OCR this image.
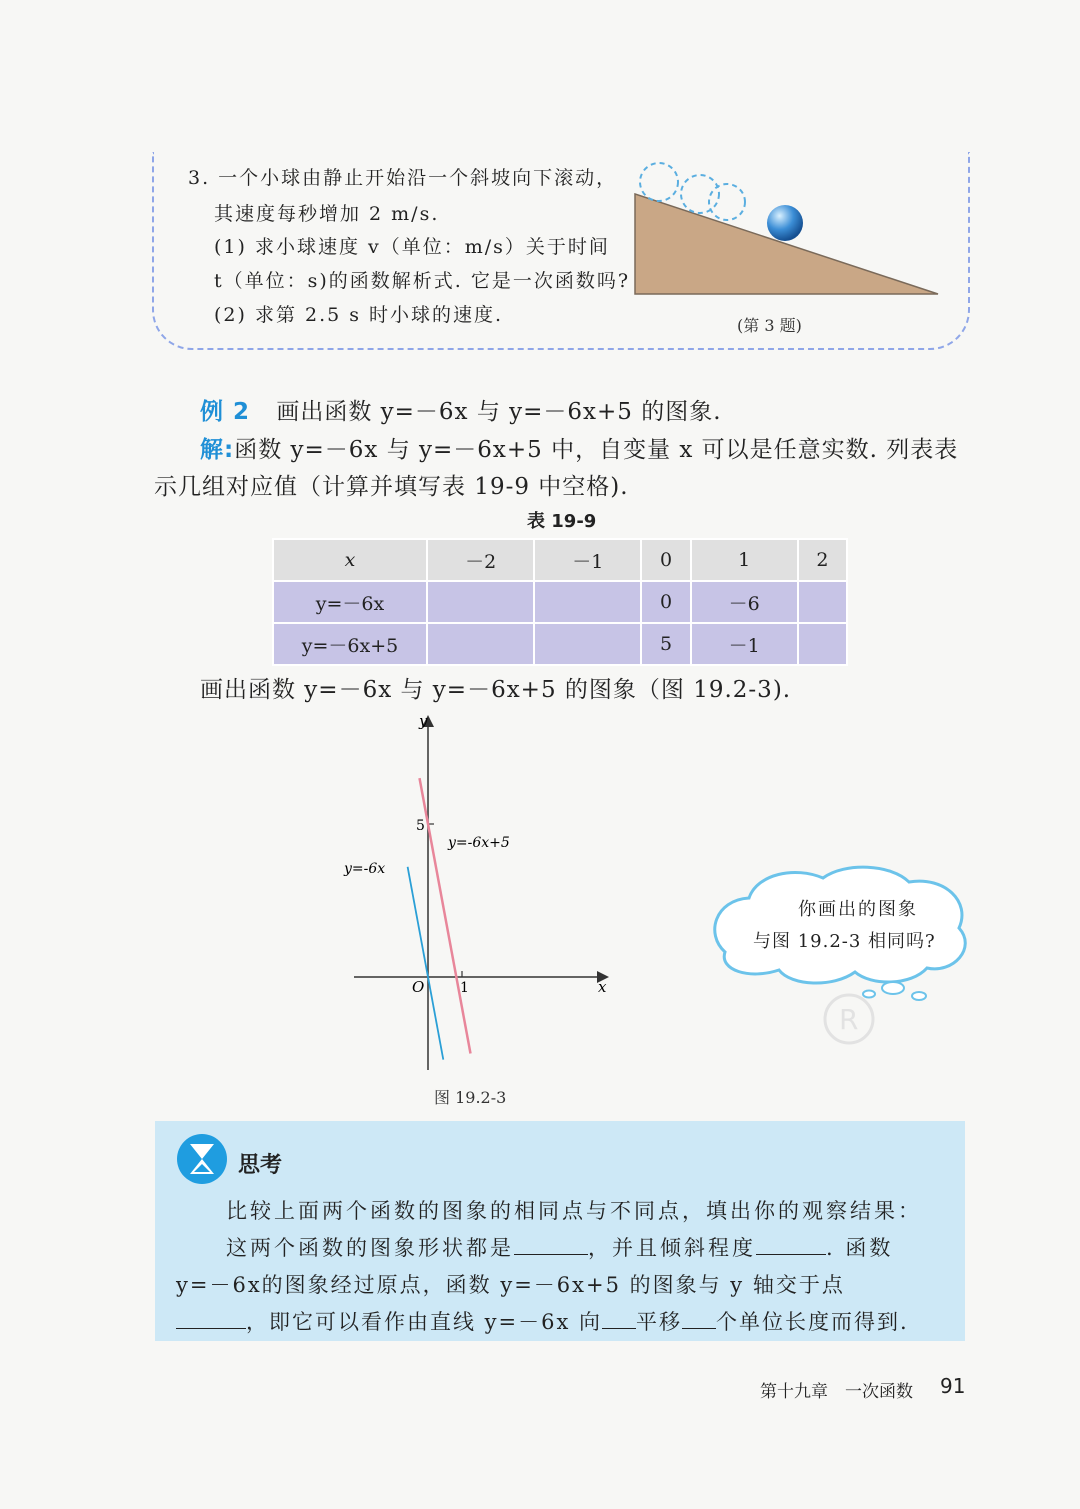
3. 一个小球由静止开始沿一个斜坡向下滚动，
其速度每秒增加 2 m/s.
(1) 求小球速度 v（单位：m/s）关于时间
t（单位：s)的函数解析式. 它是一次函数吗?
(2) 求第 2.5 s 时小球的速度.	(第 3 题)
例 2 画出函数 y=－6x 与 y=－6x+5 的图象.
解:函数 y=－6x 与 y=－6x+5 中，自变量 x 可以是任意实数. 列表表
示几组对应值（计算并填写表 19-9 中空格).
表 19-9
x	－2	－1	0	1	2
y=－6x			0	－6	
y=－6x+5			5	－1	
画出函数 y=－6x 与 y=－6x+5 的图象（图 19.2-3).
x
y
O	1
5
y=-6x+5
y=-6x
图 19.2-3
你画出的图象
与图 19.2-3 相同吗?
R
思考
比较上面两个函数的图象的相同点与不同点，填出你的观察结果：
这两个函数的图象形状都是	，并且倾斜程度	. 函数
y=－6x的图象经过原点，函数 y=－6x+5 的图象与 y 轴交于点
，即它可以看作由直线 y=－6x 向 平移 个单位长度而得到.
第十九章　一次函数 91
